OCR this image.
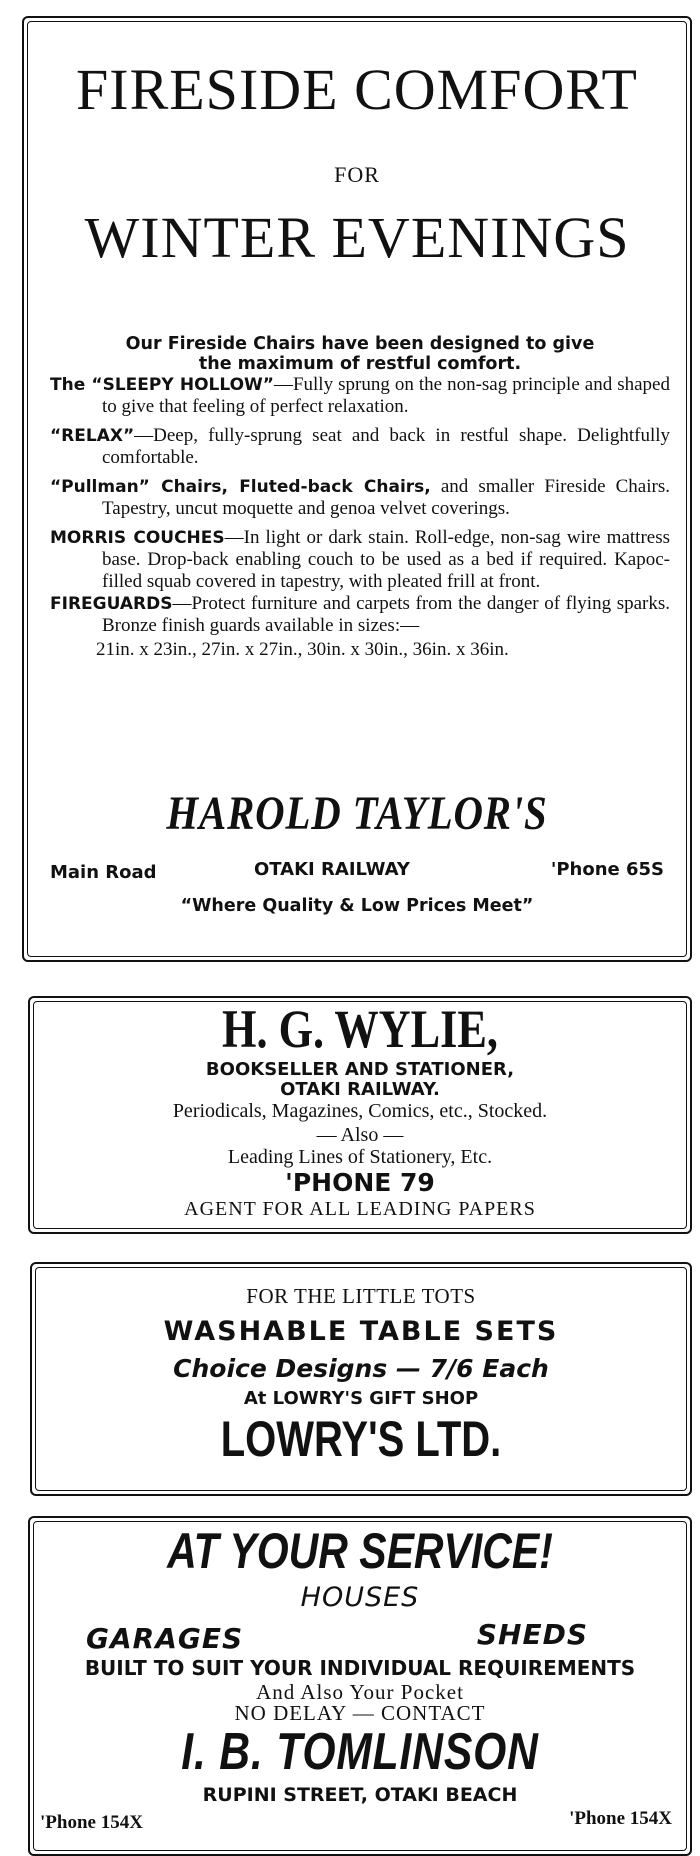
FIRESIDE COMFORT
FOR
WINTER EVENINGS
Our Fireside Chairs have been designed to give the maximum of restful comfort.
The “SLEEPY HOLLOW”—Fully sprung on the non-sag principle and shaped to give that feeling of perfect relaxation.
“RELAX”—Deep, fully-sprung seat and back in restful shape. Delightfully comfortable.
“Pullman” Chairs, Fluted-back Chairs, and smaller Fireside Chairs. Tapestry, uncut moquette and genoa velvet coverings.
MORRIS COUCHES—In light or dark stain. Roll-edge, non-sag wire mattress base. Drop-back enabling couch to be used as a bed if required. Kapoc-filled squab covered in tapestry, with pleated frill at front.
FIREGUARDS—Protect furniture and carpets from the danger of flying sparks. Bronze finish guards available in sizes:—
21in. x 23in., 27in. x 27in., 30in. x 30in., 36in. x 36in.
HAROLD TAYLOR'S
Main Road	OTAKI RAILWAY	'Phone 65S
“Where Quality & Low Prices Meet”
H. G. WYLIE,
BOOKSELLER AND STATIONER,
OTAKI RAILWAY.
Periodicals, Magazines, Comics, etc., Stocked.
— Also —
Leading Lines of Stationery, Etc.
'PHONE 79
AGENT FOR ALL LEADING PAPERS
FOR THE LITTLE TOTS
WASHABLE TABLE SETS
Choice Designs — 7/6 Each
At LOWRY'S GIFT SHOP
LOWRY'S LTD.
AT YOUR SERVICE!
HOUSES
GARAGES	SHEDS
BUILT TO SUIT YOUR INDIVIDUAL REQUIREMENTS
And Also Your Pocket
NO DELAY — CONTACT
I. B. TOMLINSON
RUPINI STREET, OTAKI BEACH
'Phone 154X	'Phone 154X
